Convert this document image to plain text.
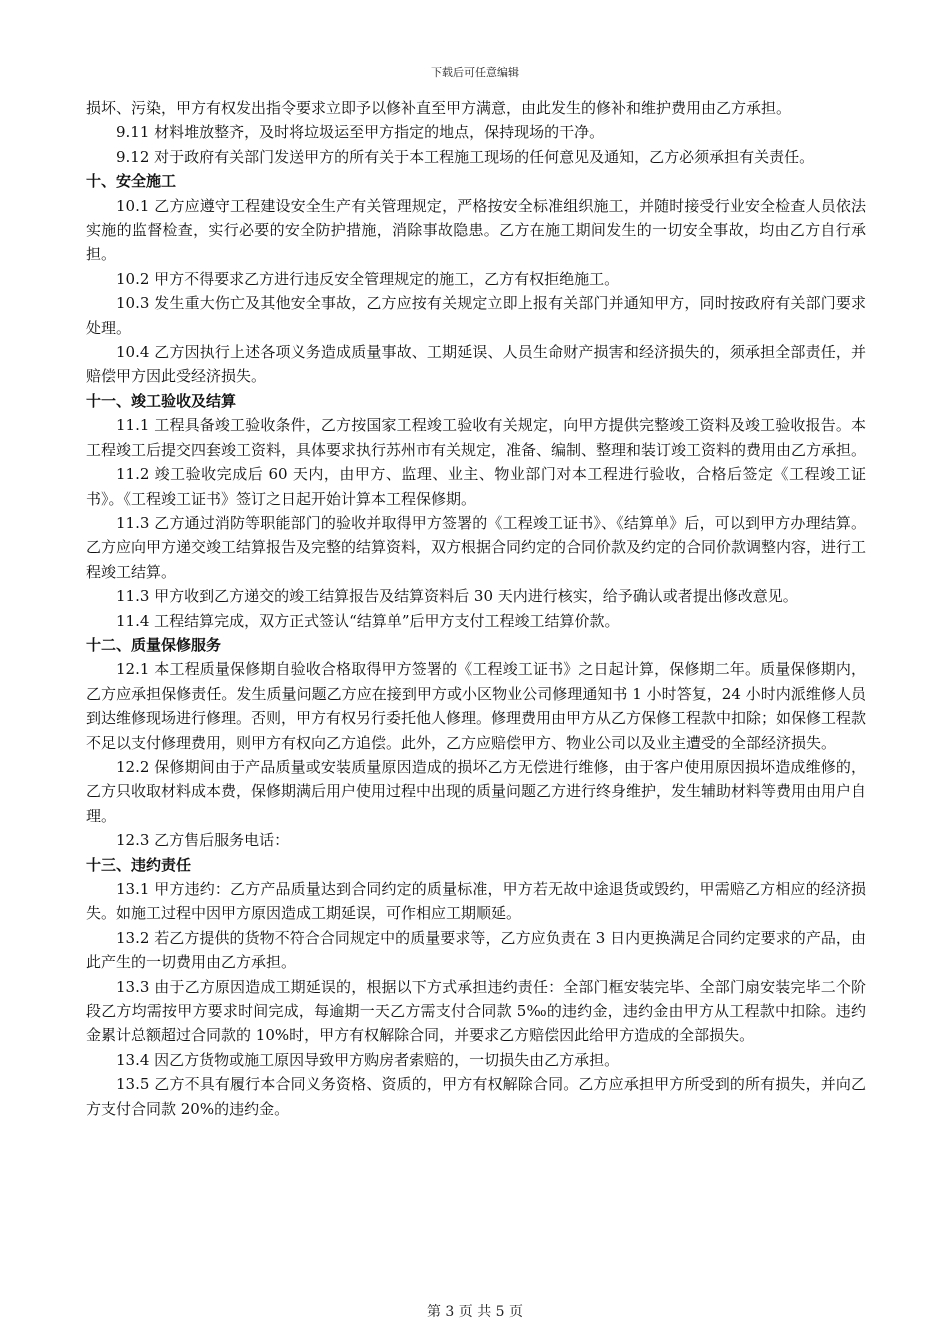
下载后可任意编辑

损坏、污染，甲方有权发出指令要求立即予以修补直至甲方满意，由此发生的修补和维护费用由乙方承担。

9.11 材料堆放整齐，及时将垃圾运至甲方指定的地点，保持现场的干净。

9.12 对于政府有关部门发送甲方的所有关于本工程施工现场的任何意见及通知，乙方必须承担有关责任。

十、安全施工

10.1 乙方应遵守工程建设安全生产有关管理规定，严格按安全标准组织施工，并随时接受行业安全检查人员依法实施的监督检查，实行必要的安全防护措施，消除事故隐患。乙方在施工期间发生的一切安全事故，均由乙方自行承担。

10.2 甲方不得要求乙方进行违反安全管理规定的施工，乙方有权拒绝施工。

10.3 发生重大伤亡及其他安全事故，乙方应按有关规定立即上报有关部门并通知甲方，同时按政府有关部门要求处理。

10.4 乙方因执行上述各项义务造成质量事故、工期延误、人员生命财产损害和经济损失的，须承担全部责任，并赔偿甲方因此受经济损失。

十一、竣工验收及结算

11.1 工程具备竣工验收条件，乙方按国家工程竣工验收有关规定，向甲方提供完整竣工资料及竣工验收报告。本工程竣工后提交四套竣工资料，具体要求执行苏州市有关规定，准备、编制、整理和装订竣工资料的费用由乙方承担。

11.2 竣工验收完成后 60 天内，由甲方、监理、业主、物业部门对本工程进行验收，合格后签定《工程竣工证书》。《工程竣工证书》签订之日起开始计算本工程保修期。

11.3 乙方通过消防等职能部门的验收并取得甲方签署的《工程竣工证书》、《结算单》后，可以到甲方办理结算。乙方应向甲方递交竣工结算报告及完整的结算资料，双方根据合同约定的合同价款及约定的合同价款调整内容，进行工程竣工结算。

11.3 甲方收到乙方递交的竣工结算报告及结算资料后 30 天内进行核实，给予确认或者提出修改意见。

11.4 工程结算完成，双方正式签认“结算单”后甲方支付工程竣工结算价款。

十二、质量保修服务

12.1 本工程质量保修期自验收合格取得甲方签署的《工程竣工证书》之日起计算，保修期二年。质量保修期内，乙方应承担保修责任。发生质量问题乙方应在接到甲方或小区物业公司修理通知书 1 小时答复，24 小时内派维修人员到达维修现场进行修理。否则，甲方有权另行委托他人修理。修理费用由甲方从乙方保修工程款中扣除；如保修工程款不足以支付修理费用，则甲方有权向乙方追偿。此外，乙方应赔偿甲方、物业公司以及业主遭受的全部经济损失。

12.2 保修期间由于产品质量或安装质量原因造成的损坏乙方无偿进行维修，由于客户使用原因损坏造成维修的，乙方只收取材料成本费，保修期满后用户使用过程中出现的质量问题乙方进行终身维护，发生辅助材料等费用由用户自理。

12.3 乙方售后服务电话：

十三、违约责任

13.1 甲方违约：乙方产品质量达到合同约定的质量标准，甲方若无故中途退货或毁约，甲需赔乙方相应的经济损失。如施工过程中因甲方原因造成工期延误，可作相应工期顺延。

13.2 若乙方提供的货物不符合合同规定中的质量要求等，乙方应负责在 3 日内更换满足合同约定要求的产品，由此产生的一切费用由乙方承担。

13.3 由于乙方原因造成工期延误的，根据以下方式承担违约责任：全部门框安装完毕、全部门扇安装完毕二个阶段乙方均需按甲方要求时间完成，每逾期一天乙方需支付合同款 5‰的违约金，违约金由甲方从工程款中扣除。违约金累计总额超过合同款的 10%时，甲方有权解除合同，并要求乙方赔偿因此给甲方造成的全部损失。

13.4 因乙方货物或施工原因导致甲方购房者索赔的，一切损失由乙方承担。

13.5 乙方不具有履行本合同义务资格、资质的，甲方有权解除合同。乙方应承担甲方所受到的所有损失，并向乙方支付合同款 20%的违约金。

第 3 页 共 5 页
